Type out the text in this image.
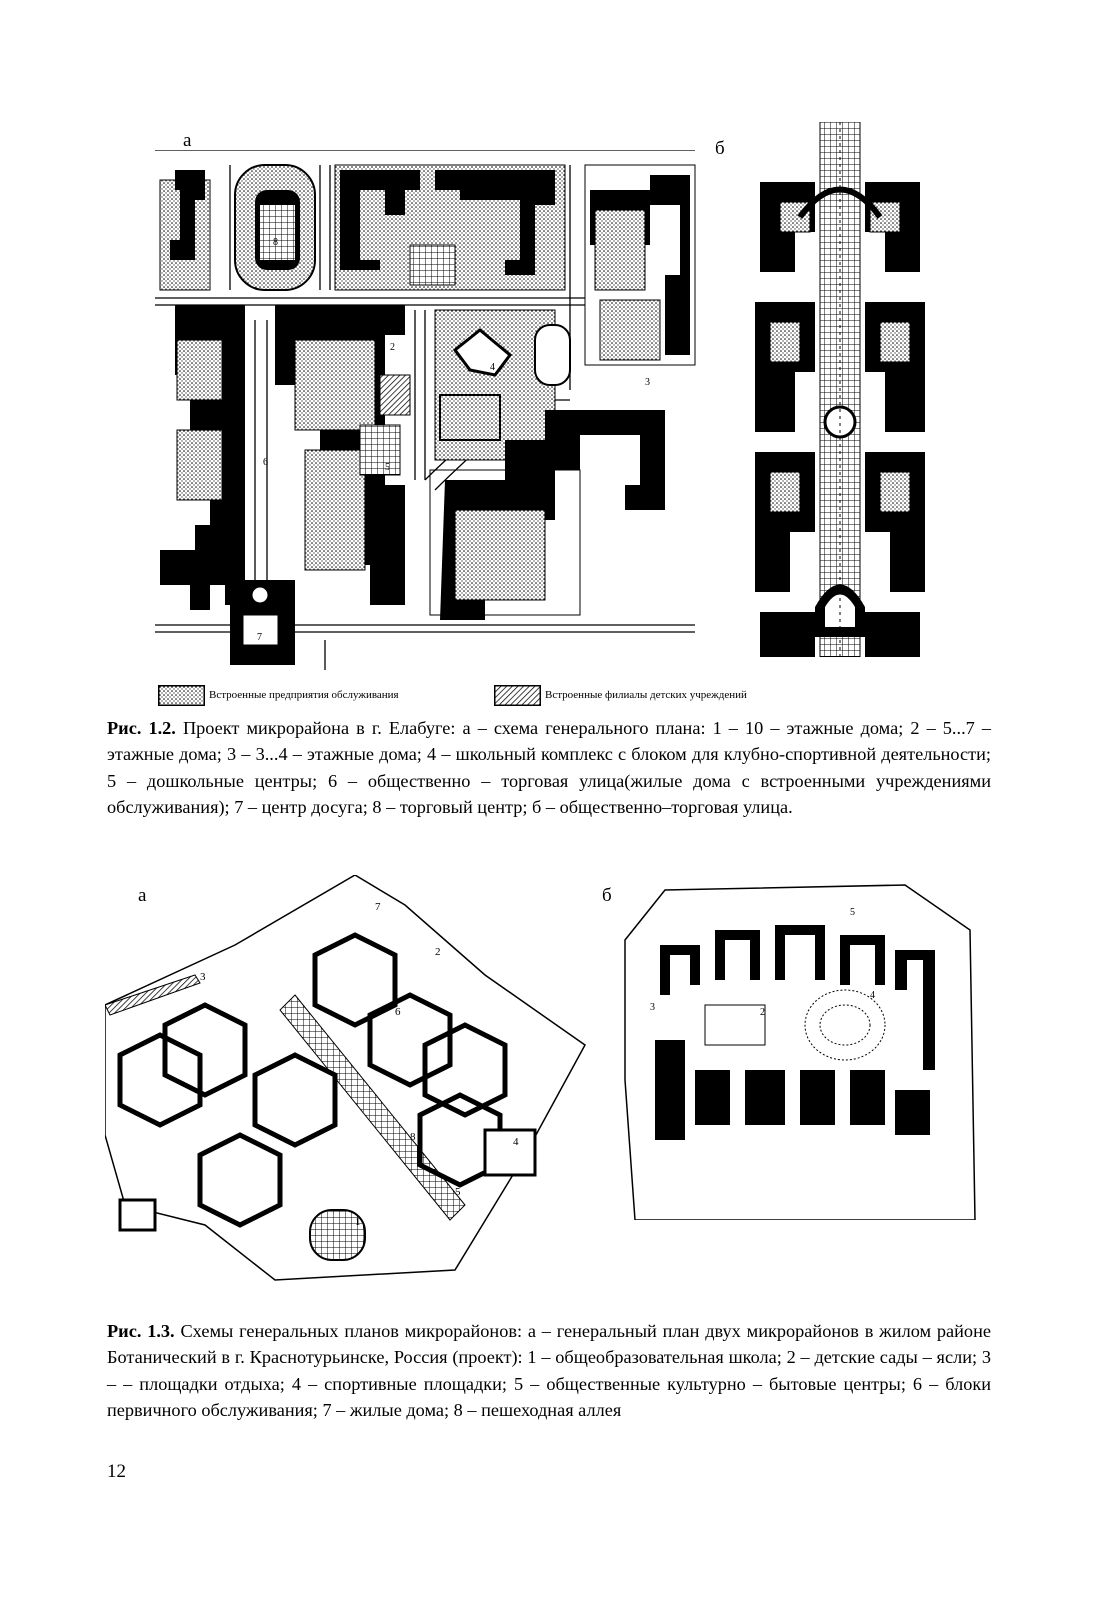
а	б
1	2
3
4
5
6
7
8
Встроенные предприятия обслуживания	Встроенные филиалы детских учреждений
Рис. 1.2. Проект микрорайона в г. Елабуге: а – схема генерального плана: 1 – 10 – этажные дома; 2 – 5...7 – этажные дома; 3 – 3...4 – этажные дома; 4 – школьный комплекс с блоком для клубно-спортивной деятельности; 5 – дошкольные центры; 6 – общественно – торговая улица(жилые дома с встроенными учреждениями обслуживания); 7 – центр досуга; 8 – торговый центр; б – общественно–торговая улица.
а	б
1
2
3
4
5
6
7
8
5
4
2
3
Рис. 1.3. Схемы генеральных планов микрорайонов: а – генеральный план двух микрорайонов в жилом районе Ботанический в г. Краснотурьинске, Россия (проект): 1 – общеобразовательная школа; 2 – детские сады – ясли; 3 – – площадки отдыха; 4 – спортивные площадки; 5 – общественные культурно – бытовые центры; 6 – блоки первичного обслуживания; 7 – жилые дома; 8 – пешеходная аллея
12
